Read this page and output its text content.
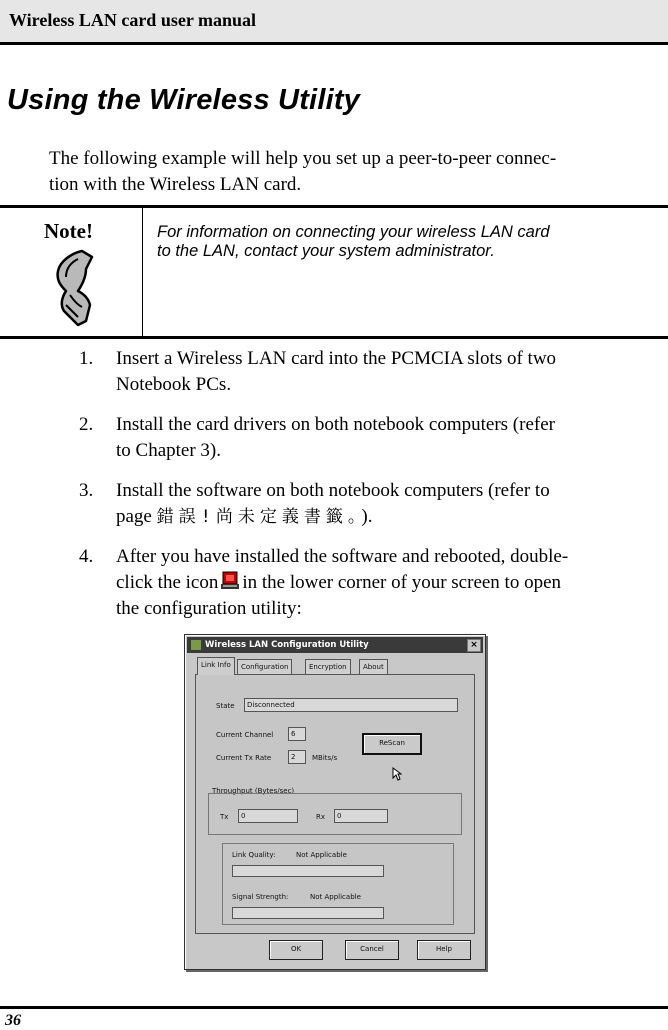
Wireless LAN card user manual
Using the Wireless Utility
The following example will help you set up a peer-to-peer connec-
tion with the Wireless LAN card.
Note!	For information on connecting your wireless LAN card
to the LAN, contact your system administrator.
1. Insert a Wireless LAN card into the PCMCIA slots of two
Notebook PCs.
2. Install the card drivers on both notebook computers (refer
to Chapter 3).
3. Install the software on both notebook computers (refer to
page 錯誤!尚未定義書籤。).
4. After you have installed the software and rebooted, double-
click the icon in the lower corner of your screen to open
the configuration utility:
Wireless LAN Configuration Utility	×
Link Info	Configuration	Encryption	About
State	Disconnected
Current Channel	6
ReScan
Current Tx Rate	2	MBits/s
Throughput (Bytes/sec)
Tx	0	Rx	0
Link Quality:	Not Applicable
Signal Strength:	Not Applicable
OK	Cancel	Help
36
